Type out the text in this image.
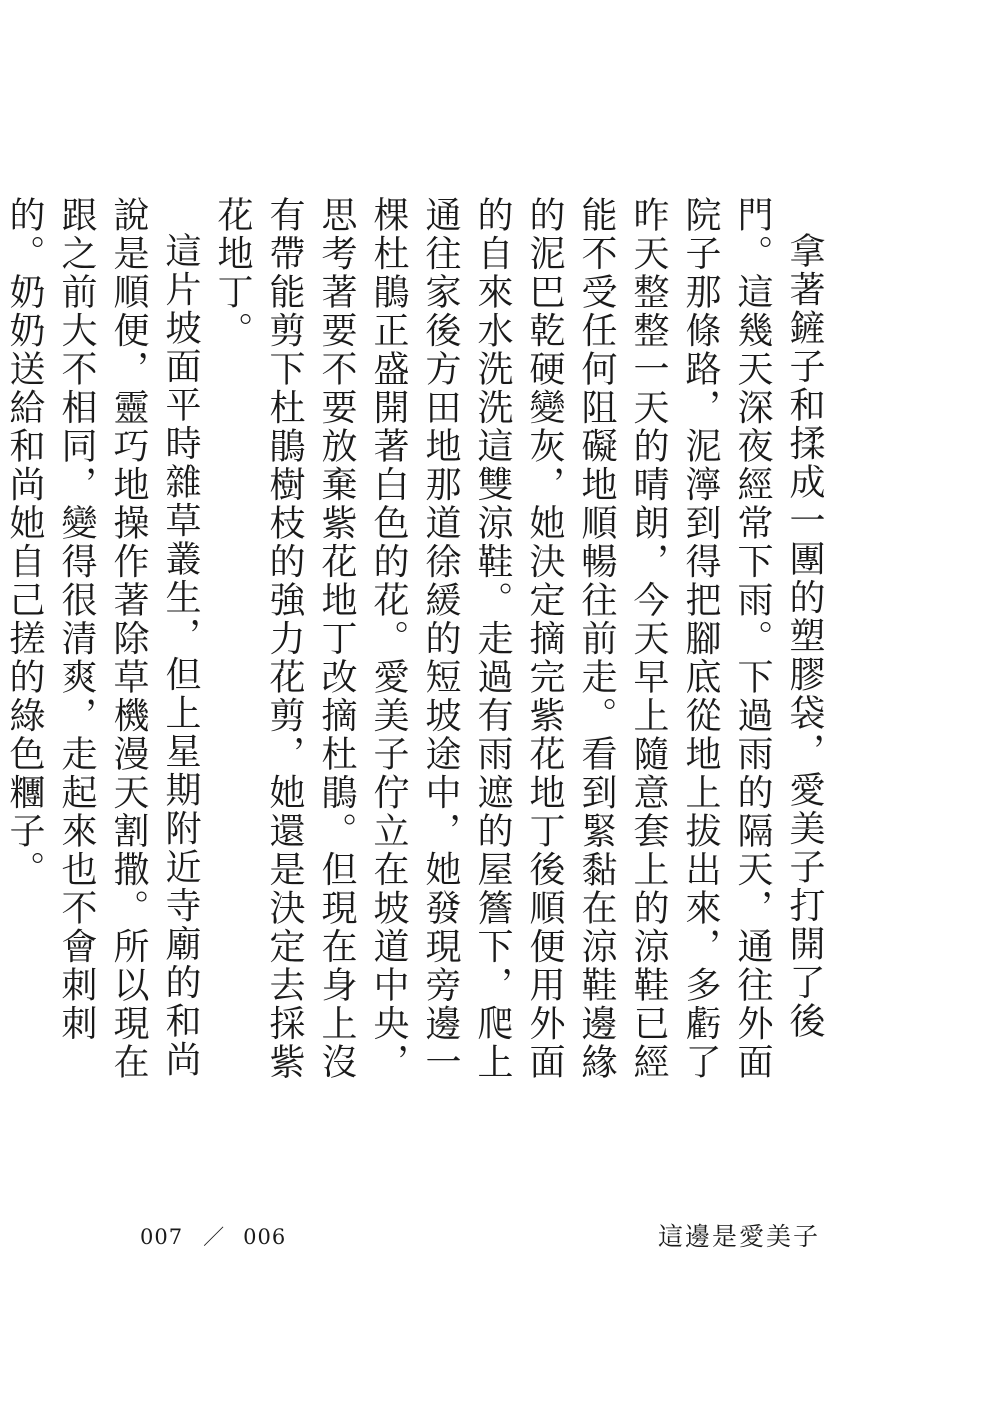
拿著鏟子和揉成一團的塑膠袋，愛美子打開了後門。這幾天深夜經常下雨。下過雨的隔天，通往外面院子那條路，泥濘到得把腳底從地上拔出來，多虧了昨天整整一天的晴朗，今天早上隨意套上的涼鞋已經能不受任何阻礙地順暢往前走。看到緊黏在涼鞋邊緣的泥巴乾硬變灰，她決定摘完紫花地丁後順便用外面的自來水洗洗這雙涼鞋。走過有雨遮的屋簷下，爬上通往家後方田地那道徐緩的短坡途中，她發現旁邊一棵杜鵑正盛開著白色的花。愛美子佇立在坡道中央，思考著要不要放棄紫花地丁改摘杜鵑。但現在身上沒有帶能剪下杜鵑樹枝的強力花剪，她還是決定去採紫花地丁。

這片坡面平時雜草叢生，但上星期附近寺廟的和尚說是順便，靈巧地操作著除草機漫天割撒。所以現在跟之前大不相同，變得很清爽，走起來也不會刺刺的。奶奶送給和尚她自己搓的綠色糰子。

007 ／ 006	這邊是愛美子
